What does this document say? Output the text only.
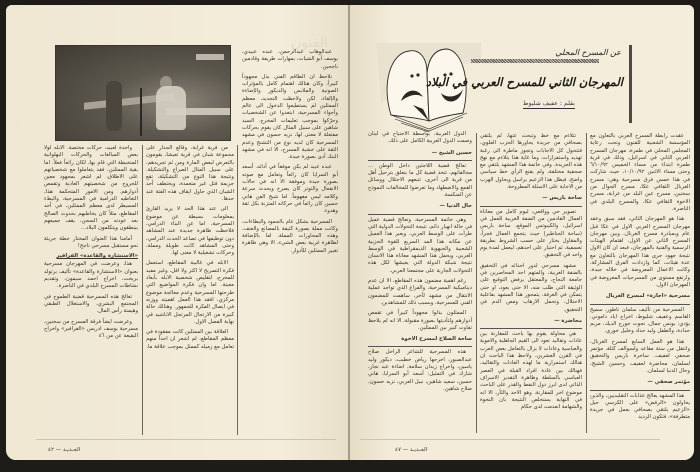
الفنون

عبدالوهاب عبدالرحمن، عبده عبيدي، يوسف أبو الشيات، بمهارات طريفة وقادمين ناجحين.

نلاحظ ان الطاقم الفني بذل مجهوداً كبيراً، وكان هنالك اهتمام كامل بالمؤثرات الصوتية والملابس والديكور والإضاءة والإلقاء، لكن ولاحظت التجديد، معظم الممثلين لم يستطيعوا الدخول الى عالم وأجواء المسرحية، ابتعدوا عن الشخصيات وحرّكوا بموجب تعليمات المخرج. السيد شاهين على سبيل المثال كان يقوم بحركات مفتعلة لا معنى لها، نزيه حسون في مشهد المسرحية كان لديه نوع من التشنج وعدم الثقة على خشبة المسرح، الا انه في مشهد البنك أدى بصورة جيدة.

عبده عبيد لم يكن موفقاً في أدائه. أسعد أبو السرايا كان رائعاً وتعامل مع صوته بصورة جيدة وموفقة الا انه في حالات الانفعال والتوتر كان يصرخ ويحدث سرعة وكلامه ليس مفهوماً. اما شيخ الفن هاني حسين كان رائعاً في حركاته المتزنة بكل ثقة وهدوء.

المسرحية بشكل عام بالجمود والبطاءات، وكانت مملة بصورة كثيفة بالمصانع والعنف، وهذه المحاورات المملة. اما بالإضافة لظاهرة غريبة بعض الشيء، الا وهي ظاهرة تغيير الممثلين للأدوار.

من قرية غرابة، وقالع الجدار على مجموعة شبان في قرية تعيشا، يقومون بالتعرض لبعض المارة ومن ثم تجريدهم، على سبيل المثال الصراع والتشكيلة. ونتيجة هذا النوع من التشكيلة، تقع جريمة قتل غير متعمدة، ويختطف أحد الشبان الذي حاول ايقاف هذه الفتة عند حدها.

الى عند هذا الحد لا يريد القارئ بمعلومات بسيطة عن موضوع المسرحية، اما عن البناء الدرامي، فلاحظت ظاهرة جديدة عند المشاهد دون توظيفها في تصاعد الحدث الدرامي، وحتى المشاهد كانت طويلة ومملة، وحركات تشغيلية لا معنى لها.

الابله في غالبية المقاطع، استعمل فكرة التصريح لا اكثر ولا اقل، وغير مفيد للمخرج، لتقليص شخصية الابله بأبعاد معينة. اما وان فكرة المواضيع التي طرحتها المسرحية وعدم معالجة موضوع مركزي، افقد هذا العمل اهميته ووزنه في ايصال الفكرة للجمهور. وهنالك حالة كبيرة من الارتجال المرتجل الاناشيد في نهاية الفصل الاول.

العلاقة بين الممثلين كانت مفقودة في معظم المقاطع، لم اشعر ان احداً منهم تعامل مع زميله كممثل بموجب علاقة ما.

واحدة لعبيد، حركات مختصة. الابله لولا بعض المبالغات والحركات البهلوانية المتخبطة التي قام بها، لكان رائعاً فعلاً. اما بقية الممثلين، فقد يتعاملوا مع شخصياتهم على الاطلاق، لم اشعر بمجهود معين للخروج من شخصيتهم العادية وتقمص أدوارهم. ومن الامور المتحكمة هذا، التعاطيه الدرامية في المسرحية، والبطء المسيطر لدى معظم الممثلين، في أحد المقاطع، مثلاً كان يخاطبهم بحدوث الصالح بعد عودته من السجن، يقف جميعهم بينطقون ويتكلمون البلاد...

أمامنا هذا العنوان المختار خطة جريئة نحو مستقبل مسرحي ناجح!

«الاستشارة والقاعدة» الفرافير

هذا، وعرضت في المهرجان مسرحية بعنوان «الاستشارة والقاعدة» تأليف برتولد بريخت، اخراج احمد سيمون، وتقديم نشاطات المسرح البلدي في الناصرة.

تعالج هذه المسرحية قضية الطموح في المجتمع البشري، والاستغلال الطبقي وهيمنة رأس المال.

وعرضت ايضاً فرقة المسرح من سخنين، مسرحية يوسف ادريس «الفرافير» واخراج البقيعة عن من ٤٦

الجـديـد — ٤٢	الجـديـد — ٤٧
عن المسرح المحلي
المهرجان الثاني للمسرح العربي في البلاد
بقلم : عفيف شليوط

عقدت رابطة المسرح العربي بالتعاون مع المؤسسة الشعبية للفنون وتحت رعاية المجلس المحلي في طمرة، مهرجان المسرح العربي الثاني في اسرائيل، وذلك في قرية طمرة ابتداء من مساء الخميس ٦/١٠/٩٢ وحتى مساء الاثنين ١٠/١٠/٩٢، حيث شاركت في هذا خمس فرق مسرحية وهي: مسرح الغربال الثقافي عكا، مسرح الجوال من سخنين، مسرح عين البلد من عرابة، مسرح الاخوة الثقافي عكا، والمسرح البلدي في الناصرة.

هذا هو المهرجان الثاني، فقد سبق وعقد مهرجان المسرح العربي الاول في عكا قبل عام وبمبادرة مسرح الغربال، وبين مهرجان المسرح الثاني عن الاول، اهتمام الهيئات الرسمية والفنية بالمهرجان، فبعد ان كان الاول نتيجة جهود جرى هذا المهرجان بالتعاون مع عدة هيئات، كما وازدادت الفرق المشاركة، وكانت الاعمال المعروضة في خلاله جيدة، وارتفع مستوى من المسرحيات المعروضة في المهرجان الاول.

مسرحية «اجازة» لمسرح الغربال

المسرحية من تأليف سلمان ناطور، سميح القاسم وعفيف شليوط، اخراج اياد داموني. يؤدي: يونس جمال، نجوت جورج الديك، مريم حدادة، والطفل وليد حداد وخليل خوري.

هذا هو العمل السابع لمسرح الغربال، وانتقل من ستة مقاعد ولسوالف كثلة، مؤتمر صحفي لعفيف، ساخرة باريس والتحقيق لسلمان، محاضرة لعفيف، وحسين الشيخ، وحال الدنيا لسلمان.

مؤتمر صحفي —

هذا المشهد يعالج عذابات التقليديين، والذين يحاولون «الرفض» على الكرسي حيل «الزعيم يلتقي بصحافي يعمل في جريدة متطرفة»، فتكون الرديد

تتلاءم مع خط وتبحث عنها، لم يلتقي بصحافي من جريدة يحاورها الحزب العلوي، فتتحول كل الاجابات وتجوز ماطرة الى رغبة تهديد واستفزازات، وما غاية هذا يتلاءم مع نهج هذه الجريدة. وفي خاتمة هذا المشهد يلتقي مع صحفية مختلفة، ولم يقنع الرأي خط سياسي واضح، فيظل هذا الزعيم يراسل ويحاول الهرب من الاجابة على الاسئلة المطروحة.

ساحة باريس —

تصوير حي وواقعي، ليوم كامل من معاناة العمال القادمين من الضفة الغربية للعمل في اسرائيل، والكيبوتس الموقع، ساحة باريس (ساحة الحناطير) حيث يتجمع العمال فجراً، والمقاول يختار على حسب الشروط بطريقة تعسفية، ثم احتيار على احدهم، ليعمل لمدة يوم واحد في التحقيق.

مشهد مسرحي لدور احداثه في التحقيق بالضفة الغربية، والمتهم احد المحاصرين في جامعة النجاح، والمعتقل يرفض التوقيع على الوثيقة التي طلب منه، الا حتى يعود، او حتى يتمكن في الغرفة، يتمحور هذا المشهد بفاعلية الاحتلال، وتحمل الارهاب ومص الدم في التحقيق.

محاضرة —

هي محاولة يقوم بها باحث للمقارنة بين عادات وتقاليد تعود الى القيم الجاهلية والاموية والعباسية وعادات لا يزال بالتعامل بعض العرب في القرن العشرين، ولاحظ هذا الباحث ان هنالك استمرارية ما لهذه العادات والتقاليد، فهنالك بين عادة افراد القبلة في العصر العباسي بالسلطة وظاهرة التقدير الاسراف الذاتي لدى ابرز دول النفط والقدر على الباحث موضوع اخر للمقارنة، وهو الاحد والثأر، الا انه في النهاية يستخلص النتيجة بان النخوة والشهامة انعدمت لدى حكام

الدول العربية، بواسطة الاجتياح في لبنان وصمت الدول العربية الكامل على ذلك.

حسين الشيخ —

تعالج قضية اللاجئين داخل الوطن ... مخالفاتهم، تتخذ قضية كل ما يتعلق بترحيل أهل من قرية الى أخرى، تتبعهم الاحتلال ووسائل القمع والاضطهاد وما تعرضوا للمخالفات النموذج عن المنكسة.

حال الدنيا —

وهي خاتمة المسرحية، وتعالج قضية عميل في حالة انهيار دائم، نتيجة التحولات الدولية التي طرأت على الوسط العربي، ويعبر هذا العميل عن مكانه هذا المد السريع للقوة الحزبية الشعبية والجبهوية الديمقراطية في الوسط العربي، ويحمل هذا المشهد معاناة هذا الانسان نتيجة شبكة الدولة التي يعيشها لكل هذه التحولات الجارية على مجتمعنا العربي.

رغم اهمية مضمون هذه المقاطع، الا ان عدم ديناميكية المسرحية، والفراغ الذي تواجد عملية الانتقال من مشهد لآخر، ساهمت للمضمون الفني للمسرحية، وبسبب ذلك للمشاهدين.

الممثلون بذلوا مجهوداً كبيراً في تقمص أدوارهم ولتأديتها بصورة مقبولة، الا انه لم يلاحظ تفاوت كبير بين الممثلين.

ساحة الصلاح لمسرح الاخوة

هذه المسرحية للشاعر الراحل صلاح عبدالصبور، اخرجها رياض خطيب، ديكور وليد ياسين، واخراج زيدان سلامة، اضاءة عبد نجار، شارك في التمثيل: أسعد أبو السرايا، هاني حسين، سعيد شاهين، نبيل العربي، نزيه حسون، صلاح شاهين.
